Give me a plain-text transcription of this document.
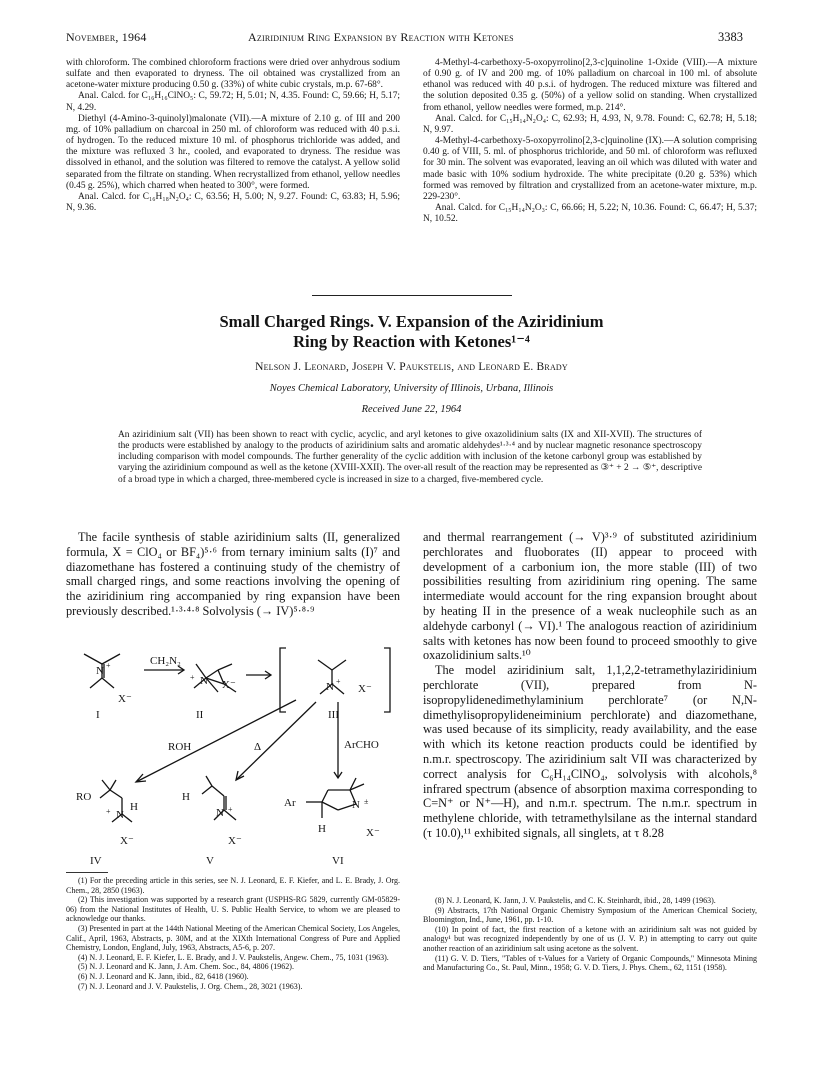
November, 1964	Aziridinium Ring Expansion by Reaction with Ketones	3383

with chloroform. The combined chloroform fractions were dried over anhydrous sodium sulfate and then evaporated to dryness. The oil obtained was crystallized from an acetone-water mixture producing 0.50 g. (33%) of white cubic crystals, m.p. 67-68°.

Anal. Calcd. for C₁₆H₁₆ClNO₅: C, 59.72; H, 5.01; N, 4.35. Found: C, 59.66; H, 5.17; N, 4.29.

Diethyl (4-Amino-3-quinolyl)malonate (VII).—A mixture of 2.10 g. of III and 200 mg. of 10% palladium on charcoal in 250 ml. of chloroform was reduced with 40 p.s.i. of hydrogen. To the reduced mixture 10 ml. of phosphorus trichloride was added, and the mixture was refluxed 3 hr., cooled, and evaporated to dryness. The residue was dissolved in ethanol, and the solution was filtered to remove the catalyst. A yellow solid separated from the filtrate on standing. When recrystallized from ethanol, yellow needles (0.45 g. 25%), which charred when heated to 300°, were formed.

Anal. Calcd. for C₁₆H₁₈N₂O₄: C, 63.56; H, 5.00; N, 9.27. Found: C, 63.83; H, 5.96; N, 9.36.

4-Methyl-4-carbethoxy-5-oxopyrrolino[2,3-c]quinoline 1-Oxide (VIII).—A mixture of 0.90 g. of IV and 200 mg. of 10% palladium on charcoal in 100 ml. of absolute ethanol was reduced with 40 p.s.i. of hydrogen. The reduced mixture was filtered and the solution deposited 0.35 g. (50%) of a yellow solid on standing. When crystallized from ethanol, yellow needles were formed, m.p. 214°.

Anal. Calcd. for C₁₅H₁₄N₂O₄: C, 62.93; H, 4.93, N, 9.78. Found: C, 62.78; H, 5.18; N, 9.97.

4-Methyl-4-carbethoxy-5-oxopyrrolino[2,3-c]quinoline (IX).—A solution comprising 0.40 g. of VIII, 5. ml. of phosphorus trichloride, and 50 ml. of chloroform was refluxed for 30 min. The solvent was evaporated, leaving an oil which was diluted with water and made basic with 10% sodium hydroxide. The white precipitate (0.20 g. 53%) which formed was removed by filtration and crystallized from an acetone-water mixture, m.p. 229-230°.

Anal. Calcd. for C₁₅H₁₄N₂O₃: C, 66.66; H, 5.22; N, 10.36. Found: C, 66.47; H, 5.37; N, 10.52.

Small Charged Rings. V. Expansion of the Aziridinium
Ring by Reaction with Ketones¹⁻⁴
Nelson J. Leonard, Joseph V. Paukstelis, and Leonard E. Brady
Noyes Chemical Laboratory, University of Illinois, Urbana, Illinois
Received June 22, 1964
An aziridinium salt (VII) has been shown to react with cyclic, acyclic, and aryl ketones to give oxazolidinium salts (IX and XII-XVII). The structures of the products were established by analogy to the products of aziridinium salts and aromatic aldehydes¹·³·⁴ and by nuclear magnetic resonance spectroscopy including comparison with model compounds. The further generality of the cyclic addition with inclusion of the ketone carbonyl group was established by varying the aziridinium compound as well as the ketone (XVIII-XXII). The over-all result of the reaction may be represented as ③⁺ + 2 → ⑤⁺, descriptive of a broad type in which a charged, three-membered cycle is increased in size to a charged, five-membered cycle.
The facile synthesis of stable aziridinium salts (II, generalized formula, X = ClO₄ or BF₄)⁵·⁶ from ternary iminium salts (I)⁷ and diazomethane has fostered a continuing study of the chemistry of small charged rings, and some reactions involving the opening of the aziridinium ring accompanied by ring expansion have been previously described.¹·³·⁴·⁸ Solvolysis (→ IV)⁵·⁸·⁹
N +
X⁻
I
CH₂N₂
N
+
X⁻
II
N +
X⁻
III
ROH	Δ	ArCHO
RO
N
+ H
X⁻
IV
H
N +
X⁻
V
Ar	N ±
H	X⁻
VI

(1) For the preceding article in this series, see N. J. Leonard, E. F. Kiefer, and L. E. Brady, J. Org. Chem., 28, 2850 (1963).

(2) This investigation was supported by a research grant (USPHS-RG 5829, currently GM-05829-06) from the National Institutes of Health, U. S. Public Health Service, to whom we are pleased to acknowledge our thanks.

(3) Presented in part at the 144th National Meeting of the American Chemical Society, Los Angeles, Calif., April, 1963, Abstracts, p. 30M, and at the XIXth International Congress of Pure and Applied Chemistry, London, England, July, 1963, Abstracts, A5-6, p. 207.

(4) N. J. Leonard, E. F. Kiefer, L. E. Brady, and J. V. Paukstelis, Angew. Chem., 75, 1031 (1963).

(5) N. J. Leonard and K. Jann, J. Am. Chem. Soc., 84, 4806 (1962).

(6) N. J. Leonard and K. Jann, ibid., 82, 6418 (1960).

(7) N. J. Leonard and J. V. Paukstelis, J. Org. Chem., 28, 3021 (1963).

and thermal rearrangement (→ V)³·⁹ of substituted aziridinium perchlorates and fluoborates (II) appear to proceed with development of a carbonium ion, the more stable (III) of two possibilities resulting from aziridinium ring opening. The same intermediate would account for the ring expansion brought about by heating II in the presence of a weak nucleophile such as an aldehyde carbonyl (→ VI).¹ The analogous reaction of aziridinium salts with ketones has now been found to proceed smoothly to give oxazolidinium salts.¹⁰

The model aziridinium salt, 1,1,2,2-tetramethylaziridinium perchlorate (VII), prepared from N-isopropylidenedimethylaminium perchlorate⁷ (or N,N-dimethylisopropylideneiminium perchlorate) and diazomethane, was used because of its simplicity, ready availability, and the ease with which its ketone reaction products could be identified by n.m.r. spectroscopy. The aziridinium salt VII was characterized by correct analysis for C₆H₁₄ClNO₄, solvolysis with alcohols,⁸ infrared spectrum (absence of absorption maxima corresponding to C=N⁺ or N⁺—H), and n.m.r. spectrum. The n.m.r. spectrum in methylene chloride, with tetramethylsilane as the internal standard (τ 10.0),¹¹ exhibited signals, all singlets, at τ 8.28

(8) N. J. Leonard, K. Jann, J. V. Paukstelis, and C. K. Steinhardt, ibid., 28, 1499 (1963).

(9) Abstracts, 17th National Organic Chemistry Symposium of the American Chemical Society, Bloomington, Ind., June, 1961, pp. 1-10.

(10) In point of fact, the first reaction of a ketone with an aziridinium salt was not guided by analogy¹ but was recognized independently by one of us (J. V. P.) in attempting to carry out quite another reaction of an aziridinium salt using acetone as the solvent.

(11) G. V. D. Tiers, "Tables of τ-Values for a Variety of Organic Compounds," Minnesota Mining and Manufacturing Co., St. Paul, Minn., 1958; G. V. D. Tiers, J. Phys. Chem., 62, 1151 (1958).
